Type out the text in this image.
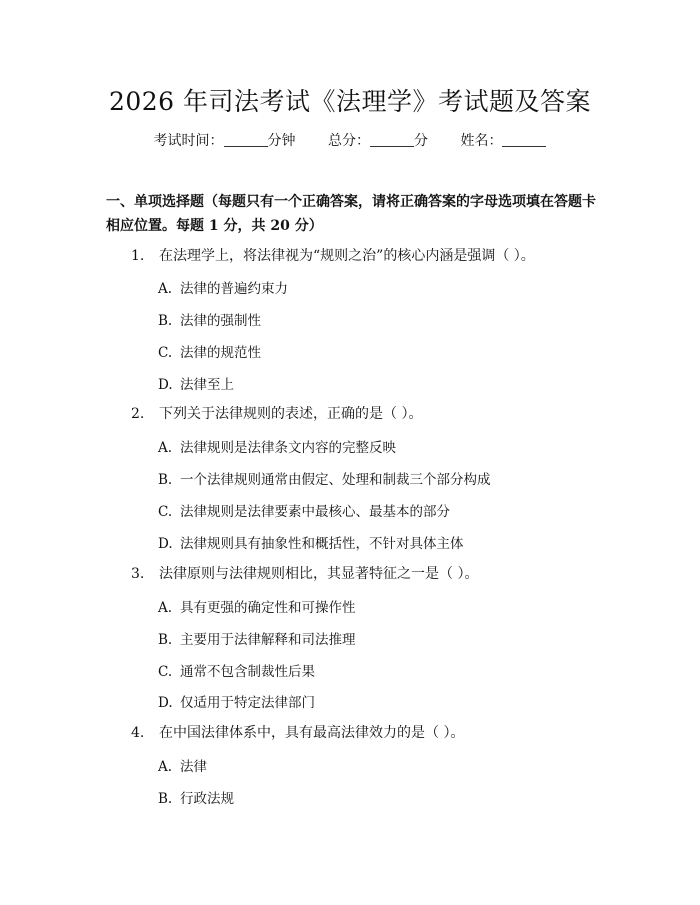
2026 年司法考试《法理学》考试题及答案
考试时间：	分钟 总分：	分 姓名：
一、单项选择题（每题只有一个正确答案，请将正确答案的字母选项填在答题卡相应位置。每题 1 分，共 20 分）
1. 在法理学上，将法律视为“规则之治”的核心内涵是强调（ ）。
A. 法律的普遍约束力
B. 法律的强制性
C. 法律的规范性
D. 法律至上
2. 下列关于法律规则的表述，正确的是（ ）。
A. 法律规则是法律条文内容的完整反映
B. 一个法律规则通常由假定、处理和制裁三个部分构成
C. 法律规则是法律要素中最核心、最基本的部分
D. 法律规则具有抽象性和概括性，不针对具体主体
3. 法律原则与法律规则相比，其显著特征之一是（ ）。
A. 具有更强的确定性和可操作性
B. 主要用于法律解释和司法推理
C. 通常不包含制裁性后果
D. 仅适用于特定法律部门
4. 在中国法律体系中，具有最高法律效力的是（ ）。
A. 法律
B. 行政法规
